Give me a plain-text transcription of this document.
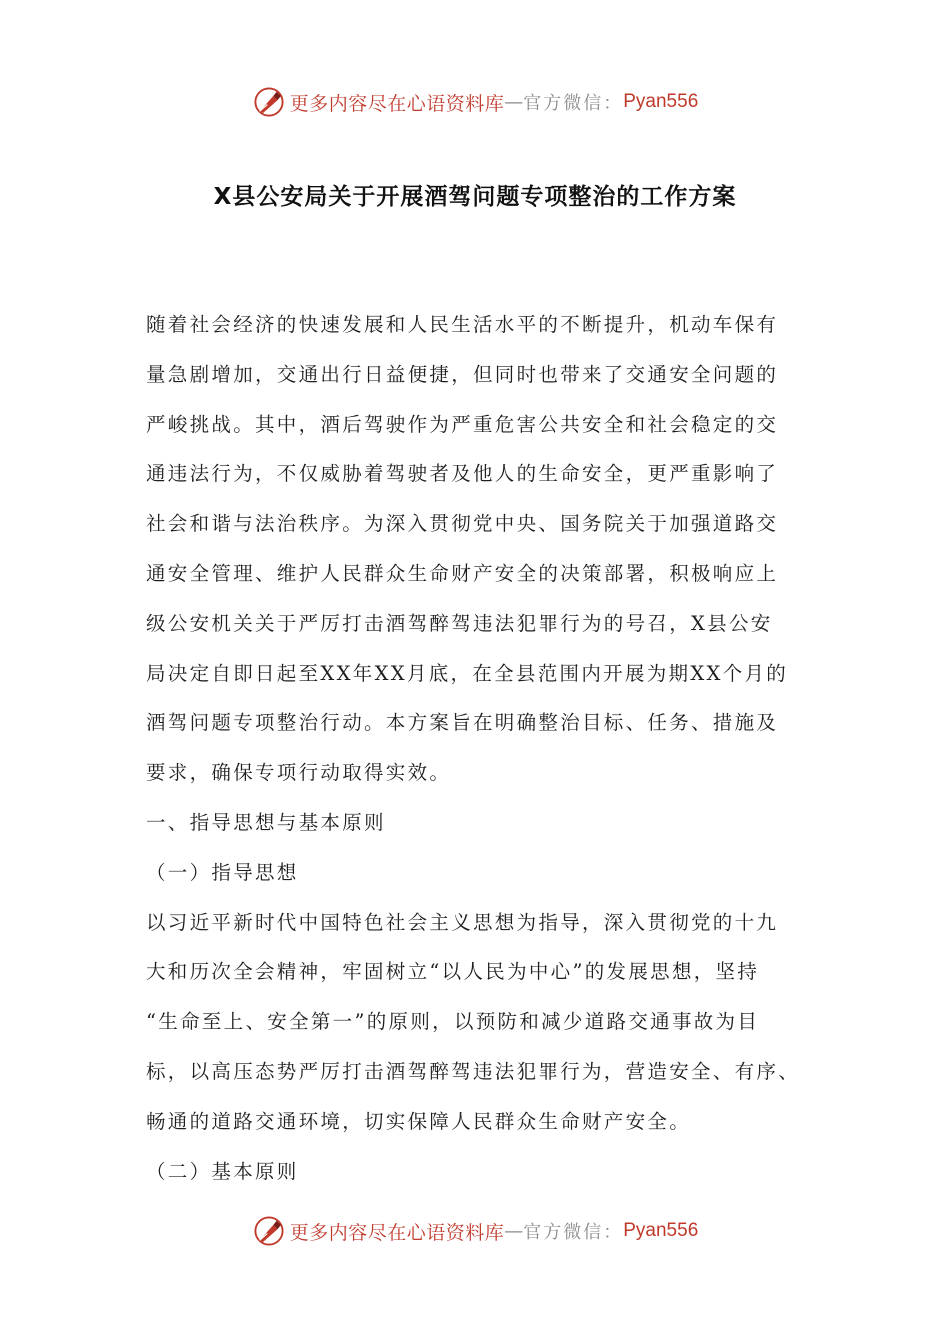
更多内容尽在心语资料库 — 官方微信： Pyan556
X县公安局关于开展酒驾问题专项整治的工作方案
随着社会经济的快速发展和人民生活水平的不断提升，机动车保有
量急剧增加，交通出行日益便捷，但同时也带来了交通安全问题的
严峻挑战。其中，酒后驾驶作为严重危害公共安全和社会稳定的交
通违法行为，不仅威胁着驾驶者及他人的生命安全，更严重影响了
社会和谐与法治秩序。为深入贯彻党中央、国务院关于加强道路交
通安全管理、维护人民群众生命财产安全的决策部署，积极响应上
级公安机关关于严厉打击酒驾醉驾违法犯罪行为的号召，X县公安
局决定自即日起至XX年XX月底，在全县范围内开展为期XX个月的
酒驾问题专项整治行动。本方案旨在明确整治目标、任务、措施及
要求，确保专项行动取得实效。
一、指导思想与基本原则
（一）指导思想
以习近平新时代中国特色社会主义思想为指导，深入贯彻党的十九
大和历次全会精神，牢固树立“以人民为中心”的发展思想，坚持
“生命至上、安全第一”的原则，以预防和减少道路交通事故为目
标，以高压态势严厉打击酒驾醉驾违法犯罪行为，营造安全、有序、
畅通的道路交通环境，切实保障人民群众生命财产安全。
（二）基本原则
更多内容尽在心语资料库 — 官方微信： Pyan556
